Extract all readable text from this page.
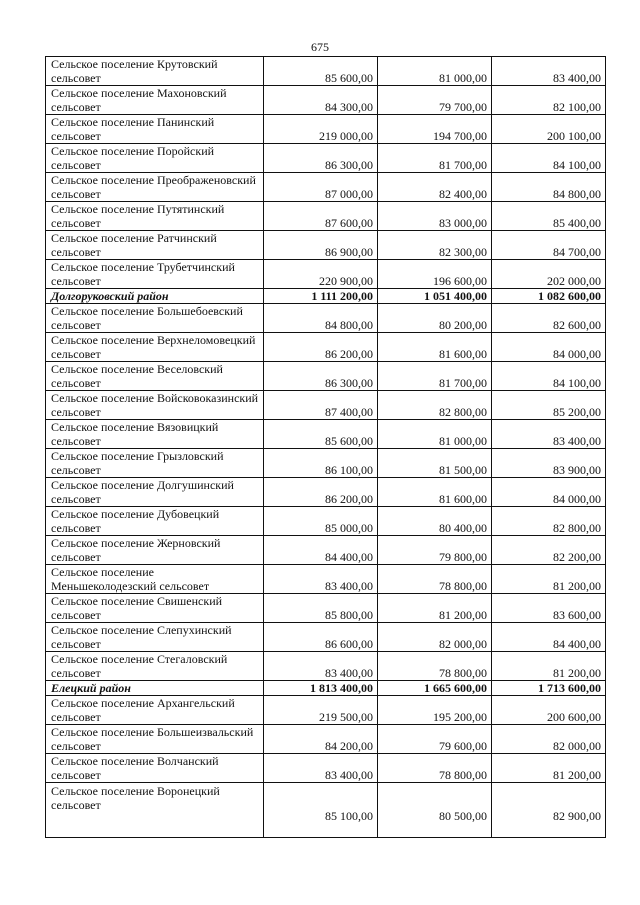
675
Сельское поселение Крутовский сельсовет	85 600,00	81 000,00	83 400,00
Сельское поселение Махоновский сельсовет	84 300,00	79 700,00	82 100,00
Сельское поселение Панинский сельсовет	219 000,00	194 700,00	200 100,00
Сельское поселение Поройский сельсовет	86 300,00	81 700,00	84 100,00
Сельское поселение Преображеновский сельсовет	87 000,00	82 400,00	84 800,00
Сельское поселение Путятинский сельсовет	87 600,00	83 000,00	85 400,00
Сельское поселение Ратчинский сельсовет	86 900,00	82 300,00	84 700,00
Сельское поселение Трубетчинский сельсовет	220 900,00	196 600,00	202 000,00
Долгоруковский район	1 111 200,00	1 051 400,00	1 082 600,00
Сельское поселение Большебоевский сельсовет	84 800,00	80 200,00	82 600,00
Сельское поселение Верхнеломовецкий сельсовет	86 200,00	81 600,00	84 000,00
Сельское поселение Веселовский сельсовет	86 300,00	81 700,00	84 100,00
Сельское поселение Войсковоказинский сельсовет	87 400,00	82 800,00	85 200,00
Сельское поселение Вязовицкий сельсовет	85 600,00	81 000,00	83 400,00
Сельское поселение Грызловский сельсовет	86 100,00	81 500,00	83 900,00
Сельское поселение Долгушинский сельсовет	86 200,00	81 600,00	84 000,00
Сельское поселение Дубовецкий сельсовет	85 000,00	80 400,00	82 800,00
Сельское поселение Жерновский сельсовет	84 400,00	79 800,00	82 200,00
Сельское поселение Меньшеколодезский сельсовет	83 400,00	78 800,00	81 200,00
Сельское поселение Свишенский сельсовет	85 800,00	81 200,00	83 600,00
Сельское поселение Слепухинский сельсовет	86 600,00	82 000,00	84 400,00
Сельское поселение Стегаловский сельсовет	83 400,00	78 800,00	81 200,00
Елецкий район	1 813 400,00	1 665 600,00	1 713 600,00
Сельское поселение Архангельский сельсовет	219 500,00	195 200,00	200 600,00
Сельское поселение Большеизвальский сельсовет	84 200,00	79 600,00	82 000,00
Сельское поселение Волчанский сельсовет	83 400,00	78 800,00	81 200,00
Сельское поселение Воронецкий сельсовет	85 100,00	80 500,00	82 900,00
